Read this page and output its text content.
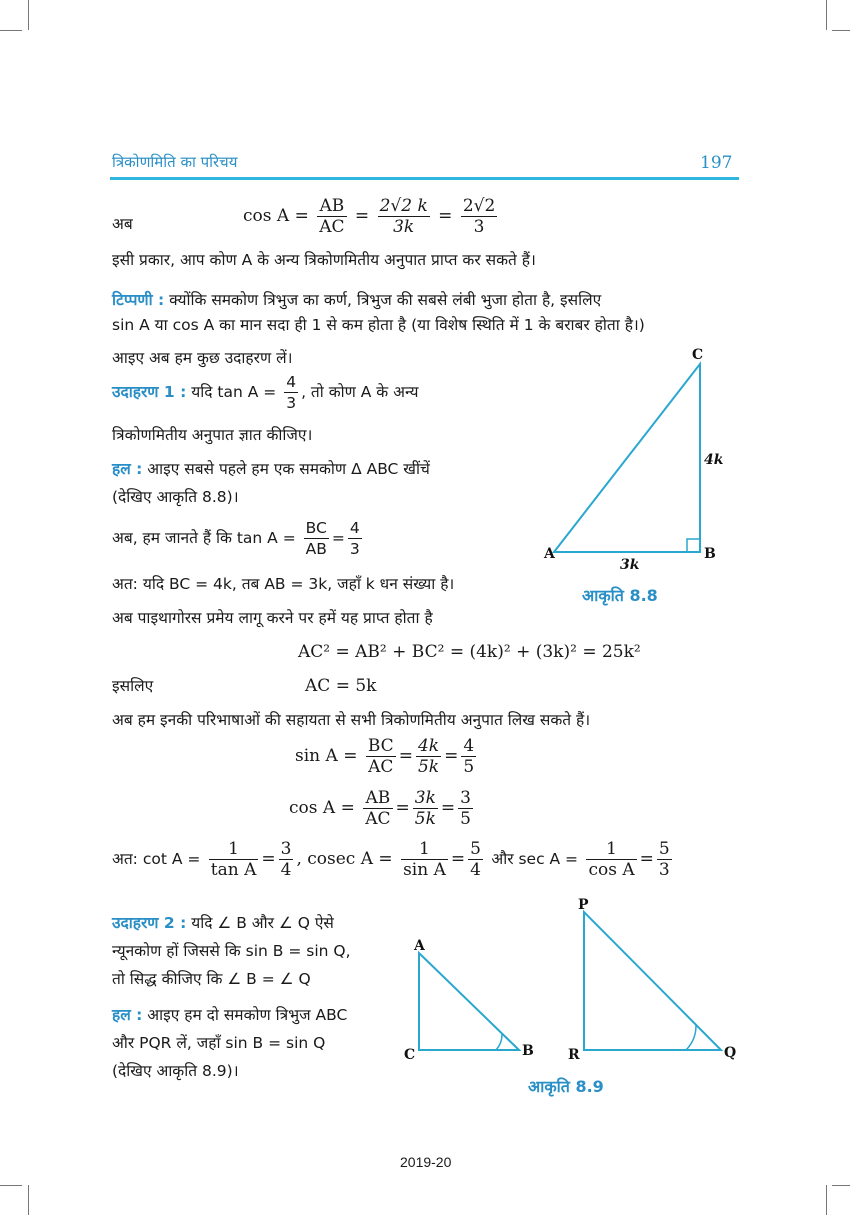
त्रिकोणमिति का परिचय	197
अब	$\cos A = \frac{AB}{AC} = \frac{2√2 k}{3k} = \frac{2√2}{3}$
इसी प्रकार, आप कोण A के अन्य त्रिकोणमितीय अनुपात प्राप्त कर सकते हैं।
टिप्पणी : क्योंकि समकोण त्रिभुज का कर्ण, त्रिभुज की सबसे लंबी भुजा होता है, इसलिए
sin A या cos A का मान सदा ही 1 से कम होता है (या विशेष स्थिति में 1 के बराबर होता है।)
आइए अब हम कुछ उदाहरण लें।
उदाहरण 1 : यदि $\tan A = \frac{4}{3}$ , तो कोण A के अन्य
त्रिकोणमितीय अनुपात ज्ञात कीजिए।
हल : आइए सबसे पहले हम एक समकोण Δ ABC खींचें
(देखिए आकृति 8.8)।
अब, हम जानते हैं कि $\tan A = \frac{BC}{AB} = \frac{4}{3}$
अत: यदि BC = 4k, तब AB = 3k, जहाँ k धन संख्या है।
अब पाइथागोरस प्रमेय लागू करने पर हमें यह प्राप्त होता है
AC² = AB² + BC² = (4k)² + (3k)² = 25k²
इसलिए	AC = 5k
अब हम इनकी परिभाषाओं की सहायता से सभी त्रिकोणमितीय अनुपात लिख सकते हैं।
$\sin A = \frac{BC}{AC} = \frac{4k}{5k} = \frac{4}{5}$
$\cos A = \frac{AB}{AC} = \frac{3k}{5k} = \frac{3}{5}$
अत: $\cot A = \frac{1}{\text{tan A}} = \frac{3}{4}$ , cosec $A = \frac{1}{\text{sin A}} = \frac{5}{4}$ और $\sec A = \frac{1}{\text{cos A}} = \frac{5}{3}$
C
A	B
4k
3k
आकृति 8.8
उदाहरण 2 : यदि ∠ B और ∠ Q ऐसे
न्यूनकोण हों जिससे कि sin B = sin Q,
तो सिद्ध कीजिए कि ∠ B = ∠ Q
हल : आइए हम दो समकोण त्रिभुज ABC
और PQR लें, जहाँ sin B = sin Q
(देखिए आकृति 8.9)।
A
C	B
P
R	Q
आकृति 8.9
2019-20
